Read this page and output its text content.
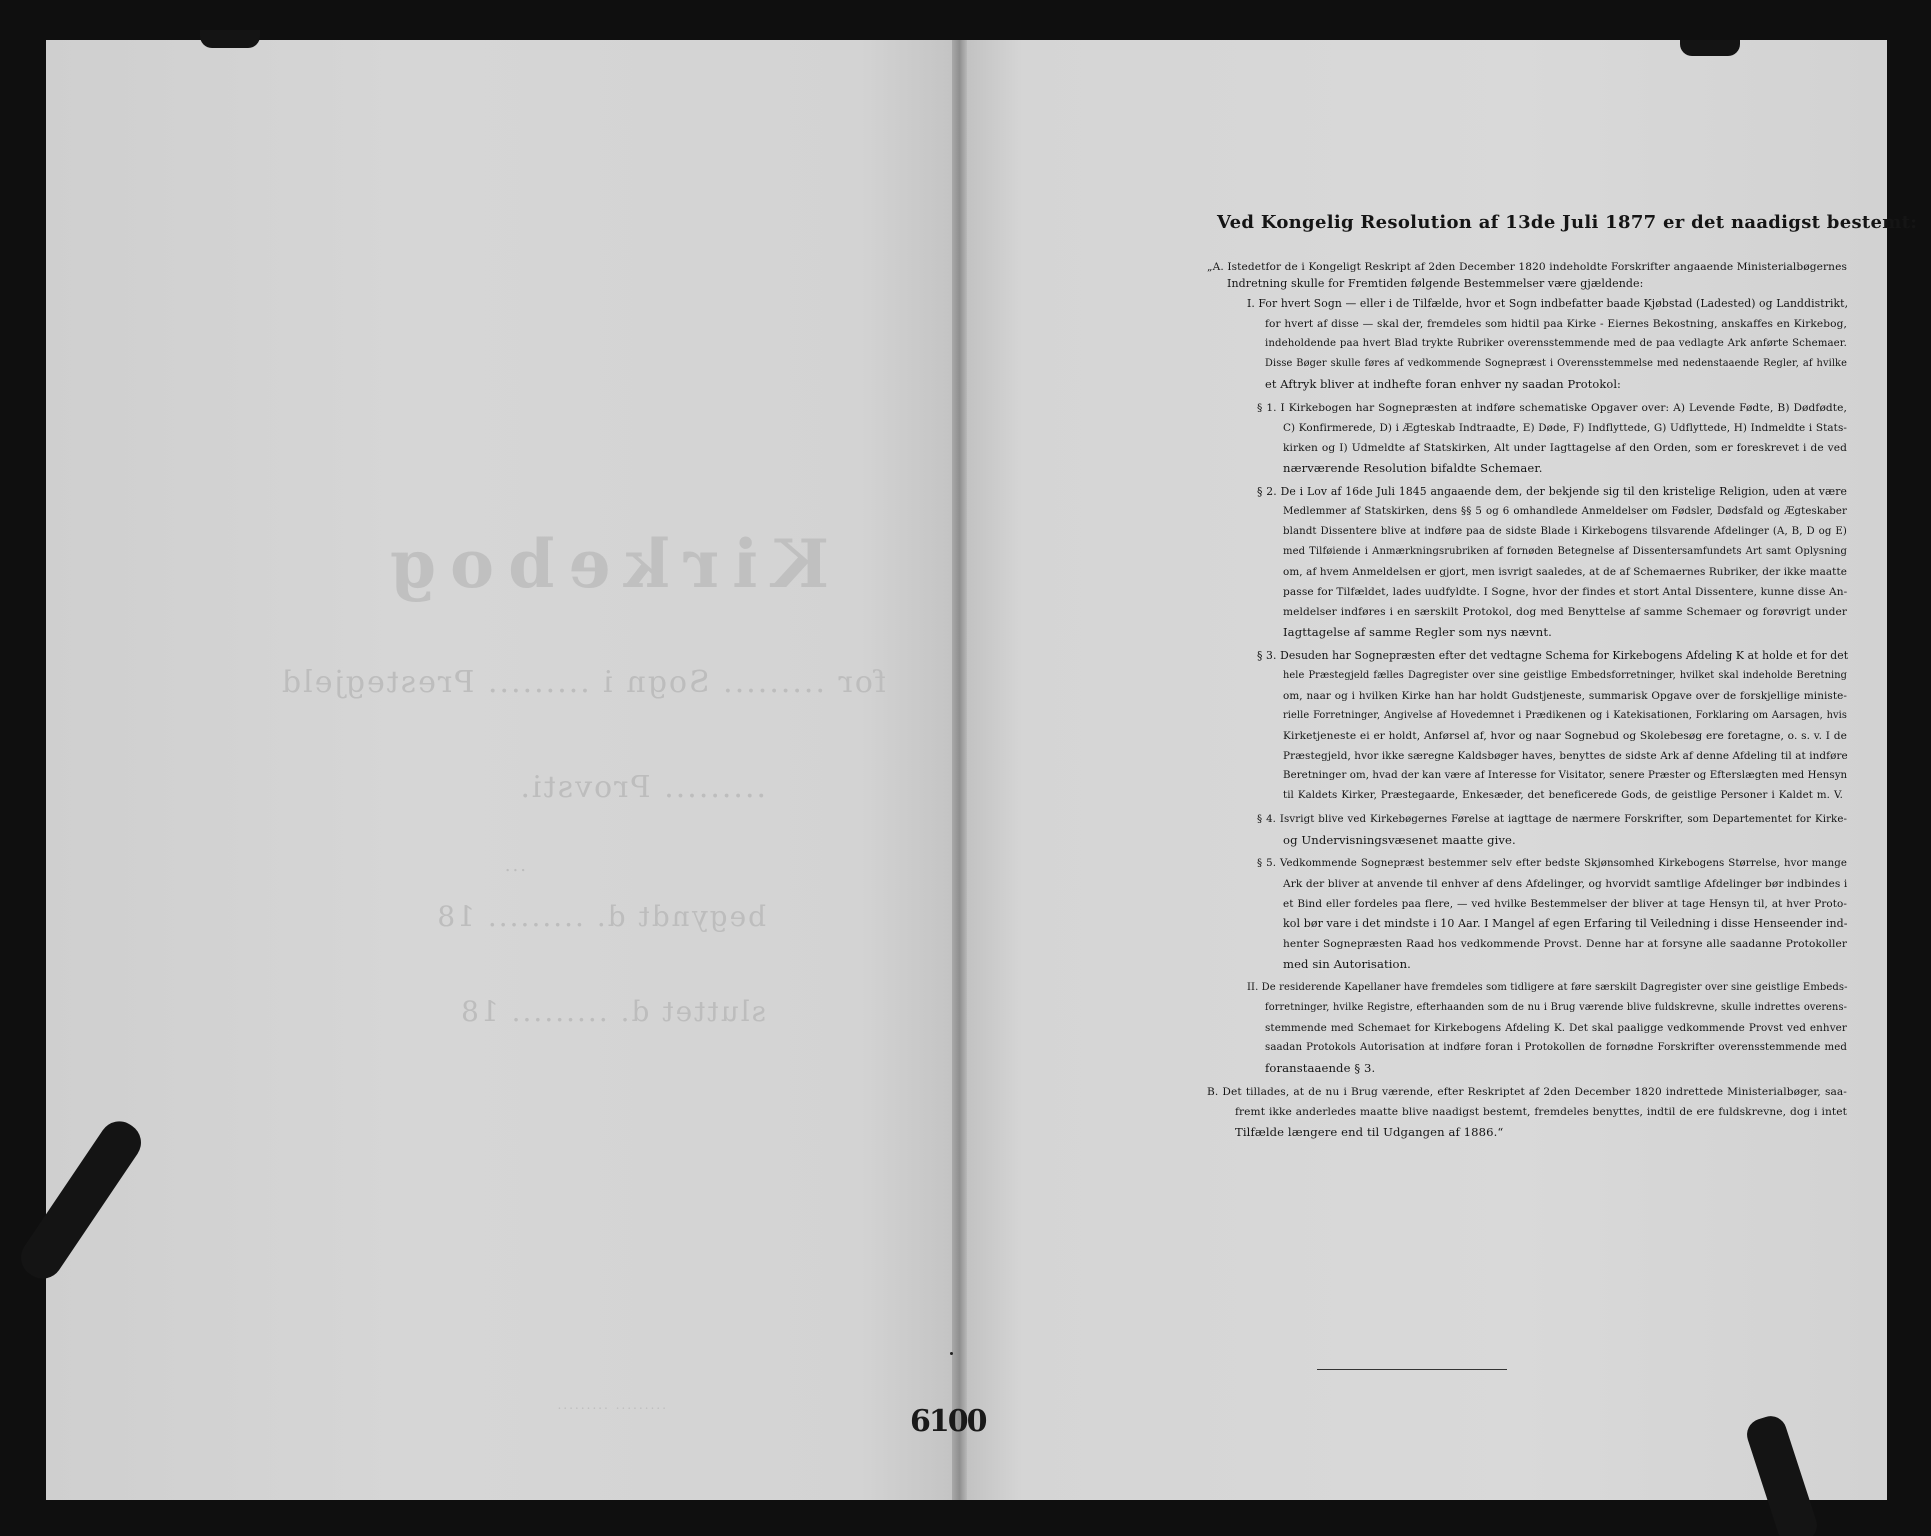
Kirkebog
for ......... Sogn i ......... Prestegjeld
......... Provsti.
...
begyndt d. ......... 18
sluttet d. ......... 18
......... .........
Ved Kongelig Resolution af 13de Juli 1877 er det naadigst bestemt:
„A. Istedetfor de i Kongeligt Reskript af 2den December 1820 indeholdte Forskrifter angaaende Ministerialbøgernes
Indretning skulle for Fremtiden følgende Bestemmelser være gjældende:
I. For hvert Sogn — eller i de Tilfælde, hvor et Sogn indbefatter baade Kjøbstad (Ladested) og Landdistrikt,
for hvert af disse — skal der, fremdeles som hidtil paa Kirke - Eiernes Bekostning, anskaffes en Kirkebog,
indeholdende paa hvert Blad trykte Rubriker overensstemmende med de paa vedlagte Ark anførte Schemaer.
Disse Bøger skulle føres af vedkommende Sognepræst i Overensstemmelse med nedenstaaende Regler, af hvilke
et Aftryk bliver at indhefte foran enhver ny saadan Protokol:
§ 1. I Kirkebogen har Sognepræsten at indføre schematiske Opgaver over: A) Levende Fødte, B) Dødfødte,
C) Konfirmerede, D) i Ægteskab Indtraadte, E) Døde, F) Indflyttede, G) Udflyttede, H) Indmeldte i Stats-
kirken og I) Udmeldte af Statskirken, Alt under Iagttagelse af den Orden, som er foreskrevet i de ved
nærværende Resolution bifaldte Schemaer.
§ 2. De i Lov af 16de Juli 1845 angaaende dem, der bekjende sig til den kristelige Religion, uden at være
Medlemmer af Statskirken, dens §§ 5 og 6 omhandlede Anmeldelser om Fødsler, Dødsfald og Ægteskaber
blandt Dissentere blive at indføre paa de sidste Blade i Kirkebogens tilsvarende Afdelinger (A, B, D og E)
med Tilføiende i Anmærkningsrubriken af fornøden Betegnelse af Dissentersamfundets Art samt Oplysning
om, af hvem Anmeldelsen er gjort, men isvrigt saaledes, at de af Schemaernes Rubriker, der ikke maatte
passe for Tilfældet, lades uudfyldte. I Sogne, hvor der findes et stort Antal Dissentere, kunne disse An-
meldelser indføres i en særskilt Protokol, dog med Benyttelse af samme Schemaer og forøvrigt under
Iagttagelse af samme Regler som nys nævnt.
§ 3. Desuden har Sognepræsten efter det vedtagne Schema for Kirkebogens Afdeling K at holde et for det
hele Præstegjeld fælles Dagregister over sine geistlige Embedsforretninger, hvilket skal indeholde Beretning
om, naar og i hvilken Kirke han har holdt Gudstjeneste, summarisk Opgave over de forskjellige ministe-
rielle Forretninger, Angivelse af Hovedemnet i Prædikenen og i Katekisationen, Forklaring om Aarsagen, hvis
Kirketjeneste ei er holdt, Anførsel af, hvor og naar Sognebud og Skolebesøg ere foretagne, o. s. v. I de
Præstegjeld, hvor ikke særegne Kaldsbøger haves, benyttes de sidste Ark af denne Afdeling til at indføre
Beretninger om, hvad der kan være af Interesse for Visitator, senere Præster og Efterslægten med Hensyn
til Kaldets Kirker, Præstegaarde, Enkesæder, det beneficerede Gods, de geistlige Personer i Kaldet m. V.
§ 4. Isvrigt blive ved Kirkebøgernes Førelse at iagttage de nærmere Forskrifter, som Departementet for Kirke-
og Undervisningsvæsenet maatte give.
§ 5. Vedkommende Sognepræst bestemmer selv efter bedste Skjønsomhed Kirkebogens Størrelse, hvor mange
Ark der bliver at anvende til enhver af dens Afdelinger, og hvorvidt samtlige Afdelinger bør indbindes i
et Bind eller fordeles paa flere, — ved hvilke Bestemmelser der bliver at tage Hensyn til, at hver Proto-
kol bør vare i det mindste i 10 Aar. I Mangel af egen Erfaring til Veiledning i disse Henseender ind-
henter Sognepræsten Raad hos vedkommende Provst. Denne har at forsyne alle saadanne Protokoller
med sin Autorisation.
II. De residerende Kapellaner have fremdeles som tidligere at føre særskilt Dagregister over sine geistlige Embeds-
forretninger, hvilke Registre, efterhaanden som de nu i Brug værende blive fuldskrevne, skulle indrettes overens-
stemmende med Schemaet for Kirkebogens Afdeling K. Det skal paaligge vedkommende Provst ved enhver
saadan Protokols Autorisation at indføre foran i Protokollen de fornødne Forskrifter overensstemmende med
foranstaaende § 3.
B. Det tillades, at de nu i Brug værende, efter Reskriptet af 2den December 1820 indrettede Ministerialbøger, saa-
fremt ikke anderledes maatte blive naadigst bestemt, fremdeles benyttes, indtil de ere fuldskrevne, dog i intet
Tilfælde længere end til Udgangen af 1886.“
6100
